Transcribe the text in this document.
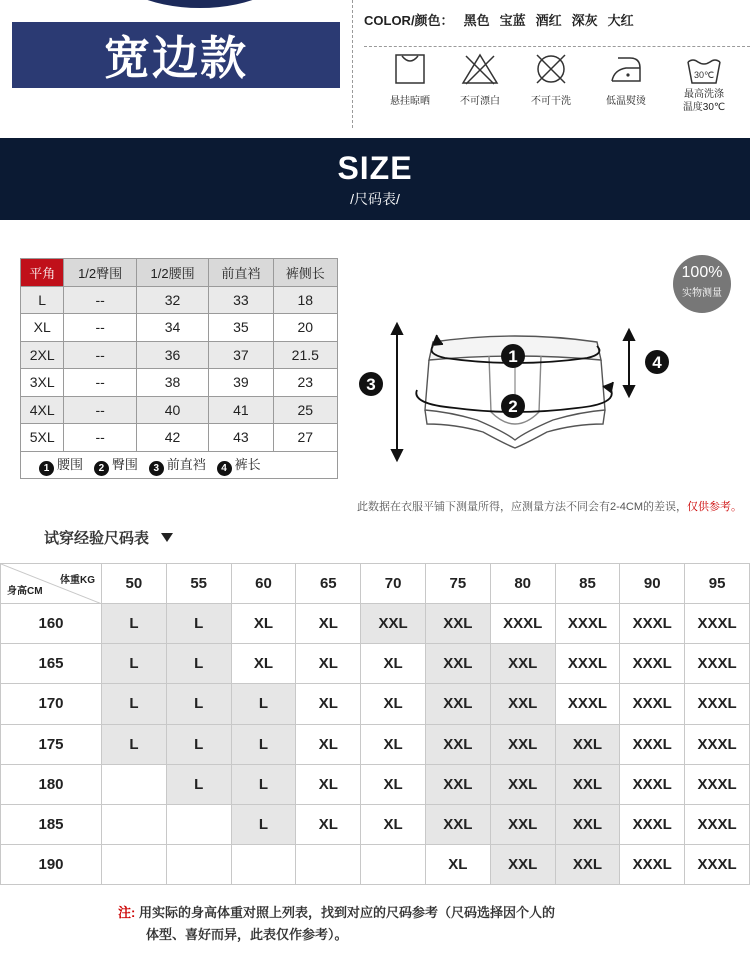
宽边款
COLOR/颜色： 黑色 宝蓝 酒红 深灰 大红
悬挂晾晒	不可漂白	不可干洗	低温熨烫
30℃
最高洗涤
温度30℃
SIZE
/尺码表/
平角	1/2臀围	1/2腰围	前直裆	裤侧长
L	--	32	33	18
XL	--	34	35	20
2XL	--	36	37	21.5
3XL	--	38	39	23
4XL	--	40	41	25
5XL	--	42	43	27
1 腰围 2 臀围 3 前直裆 4 裤长				
100%
实物测量
1
2
3
4
此数据在衣服平铺下测量所得，应测量方法不同会有2-4CM的差误，仅供参考。
试穿经验尺码表
体重KG
身高CM	50	55	60	65	70	75	80	85	90	95
160	L	L	XL	XL	XXL	XXL	XXXL	XXXL	XXXL	XXXL
165	L	L	XL	XL	XL	XXL	XXL	XXXL	XXXL	XXXL
170	L	L	L	XL	XL	XXL	XXL	XXXL	XXXL	XXXL
175	L	L	L	XL	XL	XXL	XXL	XXL	XXXL	XXXL
180		L	L	XL	XL	XXL	XXL	XXL	XXXL	XXXL
185			L	XL	XL	XXL	XXL	XXL	XXXL	XXXL
190						XL	XXL	XXL	XXXL	XXXL
注: 用实际的身高体重对照上列表，找到对应的尺码参考（尺码选择因个人的
体型、喜好而异，此表仅作参考）。
